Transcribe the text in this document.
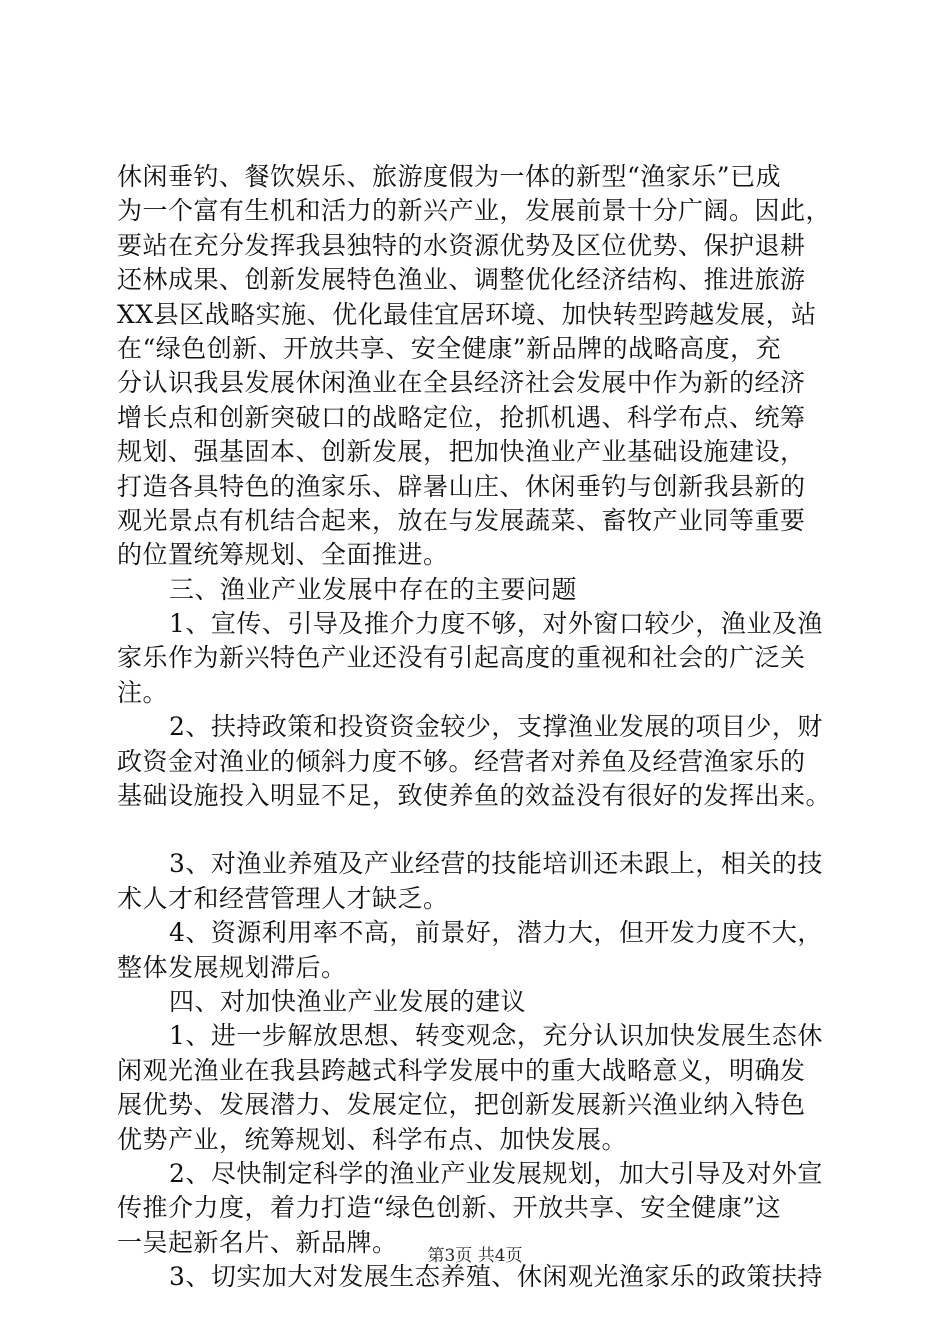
休闲垂钓、餐饮娱乐、旅游度假为一体的新型“渔家乐”已成
为一个富有生机和活力的新兴产业，发展前景十分广阔。因此，
要站在充分发挥我县独特的水资源优势及区位优势、保护退耕
还林成果、创新发展特色渔业、调整优化经济结构、推进旅游
XX县区战略实施、优化最佳宜居环境、加快转型跨越发展，站
在“绿色创新、开放共享、安全健康”新品牌的战略高度，充
分认识我县发展休闲渔业在全县经济社会发展中作为新的经济
增长点和创新突破口的战略定位，抢抓机遇、科学布点、统筹
规划、强基固本、创新发展，把加快渔业产业基础设施建设，
打造各具特色的渔家乐、辟暑山庄、休闲垂钓与创新我县新的
观光景点有机结合起来，放在与发展蔬菜、畜牧产业同等重要
的位置统筹规划、全面推进。
三、渔业产业发展中存在的主要问题
1、宣传、引导及推介力度不够，对外窗口较少，渔业及渔
家乐作为新兴特色产业还没有引起高度的重视和社会的广泛关
注。
2、扶持政策和投资资金较少，支撑渔业发展的项目少，财
政资金对渔业的倾斜力度不够。经营者对养鱼及经营渔家乐的
基础设施投入明显不足，致使养鱼的效益没有很好的发挥出来。
3、对渔业养殖及产业经营的技能培训还未跟上，相关的技
术人才和经营管理人才缺乏。
4、资源利用率不高，前景好，潜力大，但开发力度不大，
整体发展规划滞后。
四、对加快渔业产业发展的建议
1、进一步解放思想、转变观念，充分认识加快发展生态休
闲观光渔业在我县跨越式科学发展中的重大战略意义，明确发
展优势、发展潜力、发展定位，把创新发展新兴渔业纳入特色
优势产业，统筹规划、科学布点、加快发展。
2、尽快制定科学的渔业产业发展规划，加大引导及对外宣
传推介力度，着力打造“绿色创新、开放共享、安全健康”这
一吴起新名片、新品牌。
3、切实加大对发展生态养殖、休闲观光渔家乐的政策扶持
第3页 共4页
